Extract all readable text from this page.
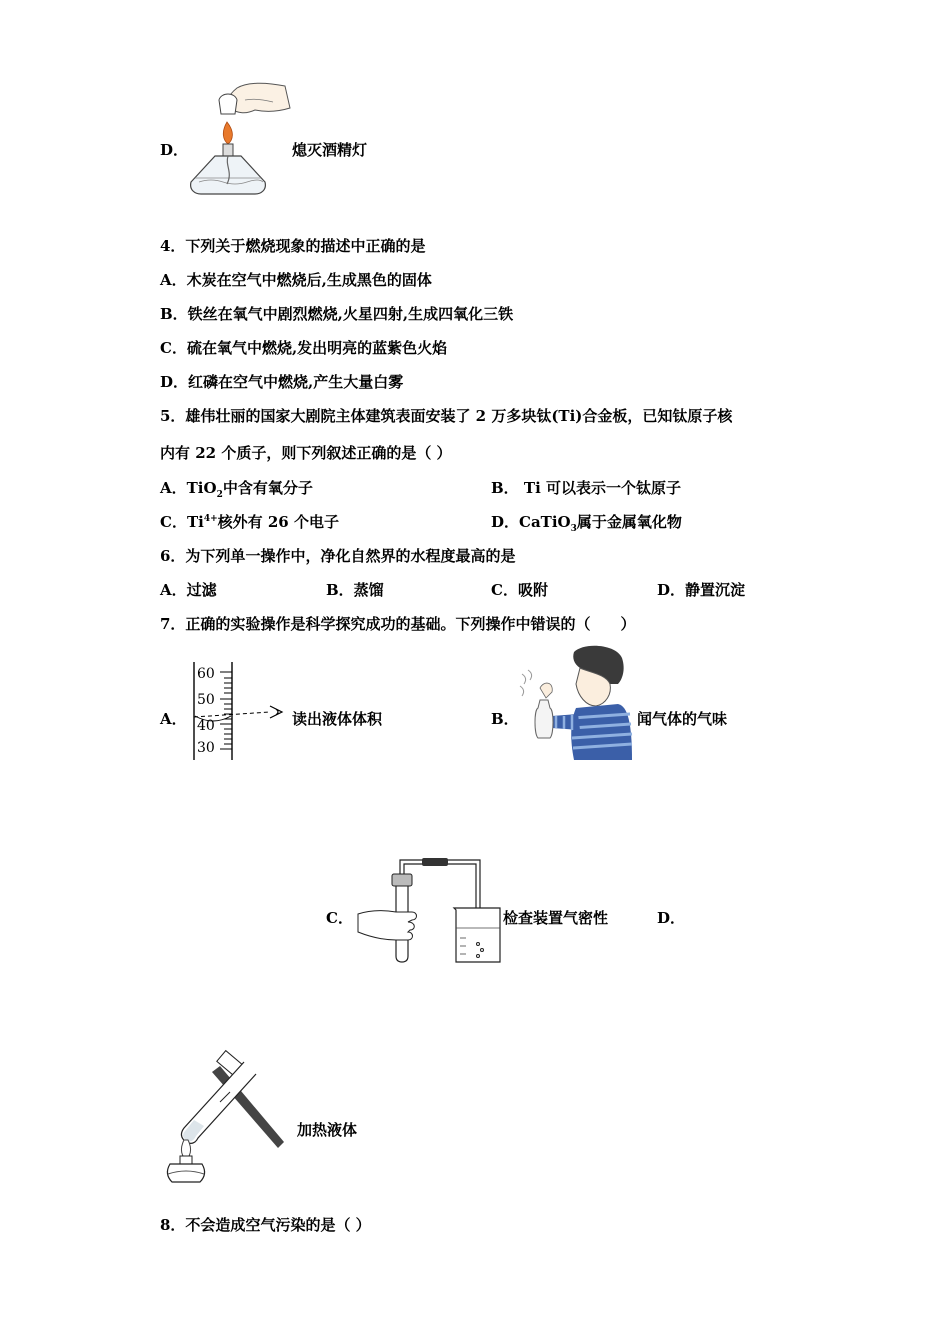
D．	熄灭酒精灯
4．下列关于燃烧现象的描述中正确的是
A．木炭在空气中燃烧后,生成黑色的固体
B．铁丝在氧气中剧烈燃烧,火星四射,生成四氧化三铁
C．硫在氧气中燃烧,发出明亮的蓝紫色火焰
D．红磷在空气中燃烧,产生大量白雾
5．雄伟壮丽的国家大剧院主体建筑表面安装了 2 万多块钛(Ti)合金板，已知钛原子核
内有 22 个质子，则下列叙述正确的是（ ）
A．TiO$_2$中含有氧分子	B． Ti 可以表示一个钛原子
C．$Ti^{4+}$核外有 26 个电子	D．CaTiO$_3$属于金属氧化物
6．为下列单一操作中，净化自然界的水程度最高的是
A．过滤	B．蒸馏	C．吸附	D．静置沉淀
7．正确的实验操作是科学探究成功的基础。下列操作中错误的（　　）
A．
60
50
40
30
读出液体体积	B．	闻气体的气味
C．	检查装置气密性	D．
加热液体
8．不会造成空气污染的是（ ）
